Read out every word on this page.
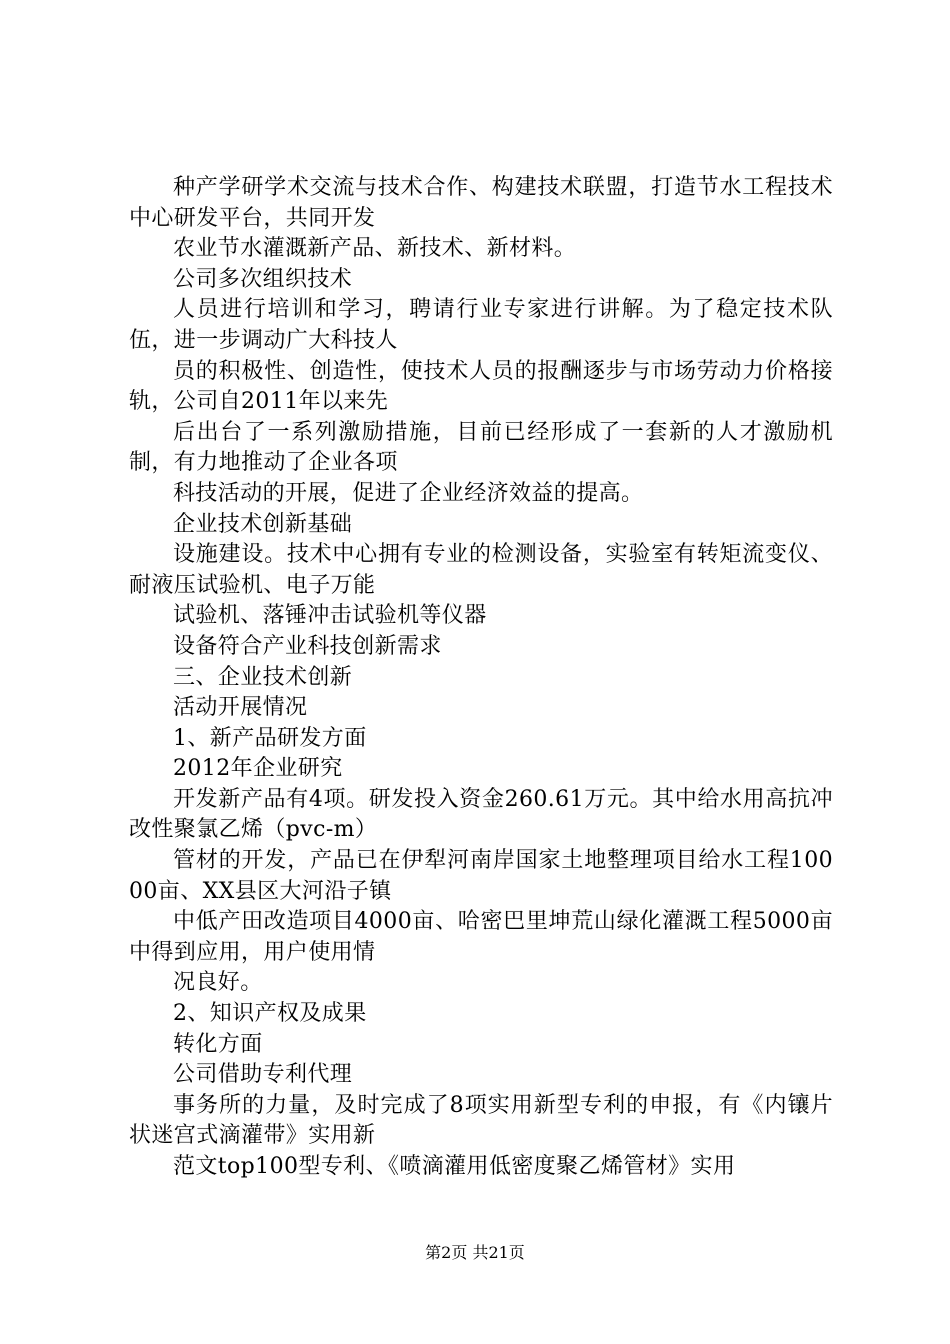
种产学研学术交流与技术合作、构建技术联盟，打造节水工程技术中心研发平台，共同开发

农业节水灌溉新产品、新技术、新材料。

公司多次组织技术

人员进行培训和学习，聘请行业专家进行讲解。为了稳定技术队伍，进一步调动广大科技人

员的积极性、创造性，使技术人员的报酬逐步与市场劳动力价格接轨，公司自2011年以来先

后出台了一系列激励措施，目前已经形成了一套新的人才激励机制，有力地推动了企业各项

科技活动的开展，促进了企业经济效益的提高。

企业技术创新基础

设施建设。技术中心拥有专业的检测设备，实验室有转矩流变仪、耐液压试验机、电子万能

试验机、落锤冲击试验机等仪器

设备符合产业科技创新需求

三、企业技术创新

活动开展情况

1、新产品研发方面

2012年企业研究

开发新产品有4项。研发投入资金260.61万元。其中给水用高抗冲改性聚氯乙烯（pvc-m）

管材的开发，产品已在伊犁河南岸国家土地整理项目给水工程10000亩、XX县区大河沿子镇

中低产田改造项目4000亩、哈密巴里坤荒山绿化灌溉工程5000亩中得到应用，用户使用情

况良好。

2、知识产权及成果

转化方面

公司借助专利代理

事务所的力量，及时完成了8项实用新型专利的申报，有《内镶片状迷宫式滴灌带》实用新

范文top100型专利、《喷滴灌用低密度聚乙烯管材》实用

第2页 共21页
